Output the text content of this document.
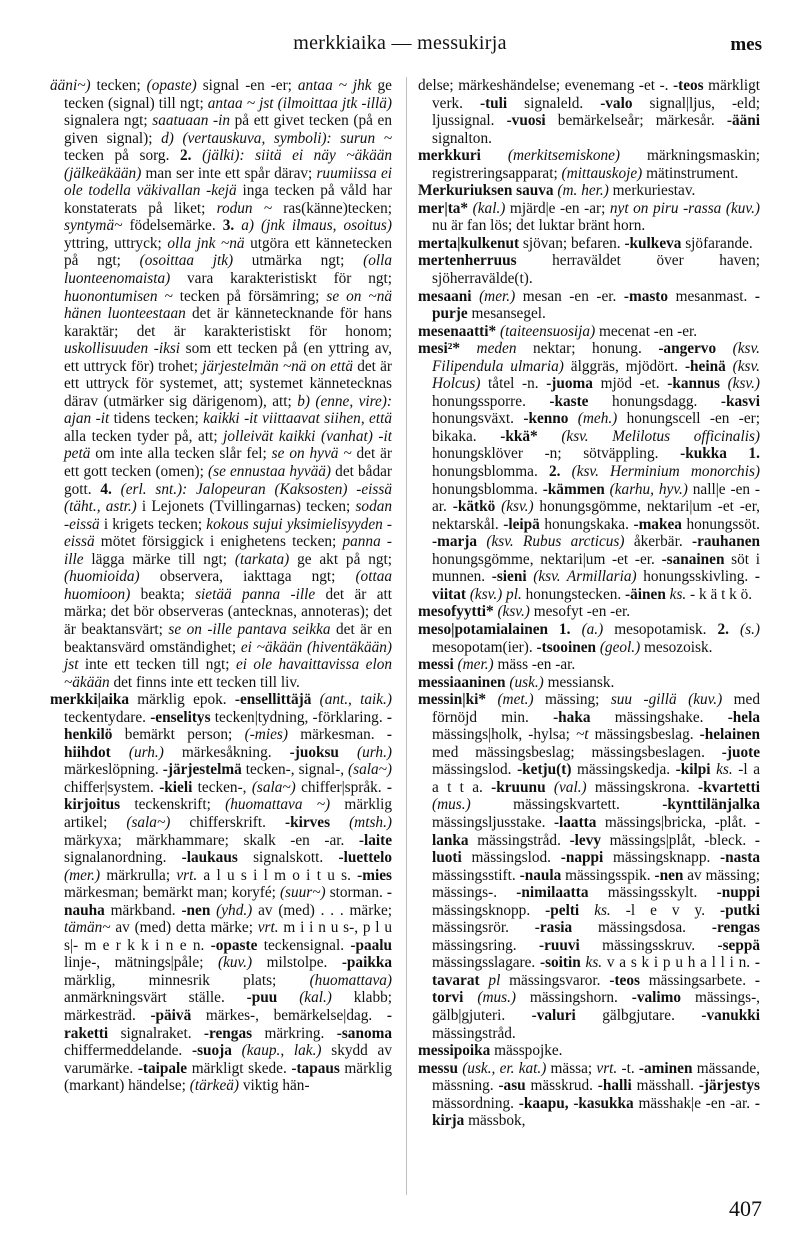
merkkiaika — messukirja	mes

ääni~) tecken; (opaste) signal -en -er; antaa ~ jhk ge tecken (signal) till ngt; antaa ~ jst (ilmoittaa jtk -illä) signalera ngt; saatuaan -in på ett givet tecken (på en given signal); d) (vertauskuva, symboli): surun ~ tecken på sorg. 2. (jälki): siitä ei näy ~äkään (jälkeäkään) man ser inte ett spår därav; ruumiissa ei ole todella väkivallan -kejä inga tecken på våld har konstaterats på liket; rodun ~ ras(känne)tecken; syntymä~ födelsemärke. 3. a) (jnk ilmaus, osoitus) yttring, uttryck; olla jnk ~nä utgöra ett kännetecken på ngt; (osoittaa jtk) utmärka ngt; (olla luonteenomaista) vara karakteristiskt för ngt; huonontumisen ~ tecken på försämring; se on ~nä hänen luonteestaan det är kännetecknande för hans karaktär; det är karakteristiskt för honom; uskollisuuden -iksi som ett tecken på (en yttring av, ett uttryck för) trohet; järjestelmän ~nä on että det är ett uttryck för systemet, att; systemet kännetecknas därav (utmärker sig därigenom), att; b) (enne, vire): ajan -it tidens tecken; kaikki -it viittaavat siihen, että alla tecken tyder på, att; jolleivät kaikki (vanhat) -it petä om inte alla tecken slår fel; se on hyvä ~ det är ett gott tecken (omen); (se ennustaa hyvää) det bådar gott. 4. (erl. snt.): Jalopeuran (Kaksosten) -eissä (täht., astr.) i Lejonets (Tvillingarnas) tecken; sodan -eissä i krigets tecken; kokous sujui yksimielisyyden -eissä mötet försiggick i enighetens tecken; panna -ille lägga märke till ngt; (tarkata) ge akt på ngt; (huomioida) observera, iakttaga ngt; (ottaa huomioon) beakta; sietää panna -ille det är att märka; det bör observeras (antecknas, annoteras); det är beaktansvärt; se on -ille pantava seikka det är en beaktansvärd omständighet; ei ~äkään (hiventäkään) jst inte ett tecken till ngt; ei ole havaittavissa elon ~äkään det finns inte ett tecken till liv.

merkki|aika märklig epok. -ensellittäjä (ant., taik.) teckentydare. -enselitys tecken|tydning, -förklaring. -henkilö bemärkt person; (-mies) märkesman. -hiihdot (urh.) märkesåkning. -juoksu (urh.) märkeslöpning. -järjestelmä tecken-, signal-, (sala~) chiffer|system. -kieli tecken-, (sala~) chiffer|språk. -kirjoitus teckenskrift; (huomattava ~) märklig artikel; (sala~) chifferskrift. -kirves (mtsh.) märkyxa; märkhammare; skalk -en -ar. -laite signalanordning. -laukaus signalskott. -luettelo (mer.) märkrulla; vrt. a l u s i l m o i t u s. -mies märkesman; bemärkt man; koryfé; (suur~) storman. -nauha märkband. -nen (yhd.) av (med) . . . märke; tämän~ av (med) detta märke; vrt. m i i n u s-, p l u s|- m e r k k i n e n. -opaste teckensignal. -paalu linje-, mätnings|påle; (kuv.) milstolpe. -paikka märklig, minnesrik plats; (huomattava) anmärkningsvärt ställe. -puu (kal.) klabb; märkesträd. -päivä märkes-, bemärkelse|dag. -raketti signalraket. -rengas märkring. -sanoma chiffermeddelande. -suoja (kaup., lak.) skydd av varumärke. -taipale märkligt skede. -tapaus märklig (markant) händelse; (tärkeä) viktig hän-

delse; märkeshändelse; evenemang -et -. -teos märkligt verk. -tuli signaleld. -valo signal|ljus, -eld; ljussignal. -vuosi bemärkelseår; märkesår. -ääni signalton.

merkkuri (merkitsemiskone) märkningsmaskin; registreringsapparat; (mittauskoje) mätinstrument.

Merkuriuksen sauva (m. her.) merkuriestav.

mer|ta* (kal.) mjärd|e -en -ar; nyt on piru -rassa (kuv.) nu är fan lös; det luktar bränt horn.

merta|kulkenut sjövan; befaren. -kulkeva sjöfarande.

mertenherruus herraväldet över haven; sjöherravälde(t).

mesaani (mer.) mesan -en -er. -masto mesanmast. -purje mesansegel.

mesenaatti* (taiteensuosija) mecenat -en -er.

mesi²* meden nektar; honung. -angervo (ksv. Filipendula ulmaria) älggräs, mjödört. -heinä (ksv. Holcus) tåtel -n. -juoma mjöd -et. -kannus (ksv.) honungssporre. -kaste honungsdagg. -kasvi honungsväxt. -kenno (meh.) honungscell -en -er; bikaka. -kkä* (ksv. Melilotus officinalis) honungsklöver -n; sötväppling. -kukka 1. honungsblomma. 2. (ksv. Herminium monorchis) honungsblomma. -kämmen (karhu, hyv.) nall|e -en -ar. -kätkö (ksv.) honungsgömme, nektari|um -et -er, nektarskål. -leipä honungskaka. -makea honungssöt. -marja (ksv. Rubus arcticus) åkerbär. -rauhanen honungsgömme, nektari|um -et -er. -sanainen söt i munnen. -sieni (ksv. Armillaria) honungsskivling. -viitat (ksv.) pl. honungstecken. -äinen ks. - k ä t k ö.

mesofyytti* (ksv.) mesofyt -en -er.

meso|potamialainen 1. (a.) mesopotamisk. 2. (s.) mesopotam(ier). -tsooinen (geol.) mesozoisk.

messi (mer.) mäss -en -ar.

messiaaninen (usk.) messiansk.

messin|ki* (met.) mässing; suu -gillä (kuv.) med förnöjd min. -haka mässingshake. -hela mässings|holk, -hylsa; ~t mässingsbeslag. -helainen med mässingsbeslag; mässingsbeslagen. -juote mässingslod. -ketju(t) mässingskedja. -kilpi ks. -l a a t t a. -kruunu (val.) mässingskrona. -kvartetti (mus.) mässingskvartett. -kynttilänjalka mässingsljusstake. -laatta mässings|bricka, -plåt. -lanka mässingstråd. -levy mässings|plåt, -bleck. -luoti mässingslod. -nappi mässingsknapp. -nasta mässingsstift. -naula mässingsspik. -nen av mässing; mässings-. -nimilaatta mässingsskylt. -nuppi mässingsknopp. -pelti ks. -l e v y. -putki mässingsrör. -rasia mässingsdosa. -rengas mässingsring. -ruuvi mässingsskruv. -seppä mässingsslagare. -soitin ks. v a s k i p u h a l l i n. -tavarat pl mässingsvaror. -teos mässingsarbete. -torvi (mus.) mässingshorn. -valimo mässings-, gälb|gjuteri. -valuri gälbgjutare. -vanukki mässingstråd.

messipoika mässpojke.

messu (usk., er. kat.) mässa; vrt. -t. -aminen mässande, mässning. -asu mässkrud. -halli mässhall. -järjestys mässordning. -kaapu, -kasukka mässhak|e -en -ar. -kirja mässbok,

407
